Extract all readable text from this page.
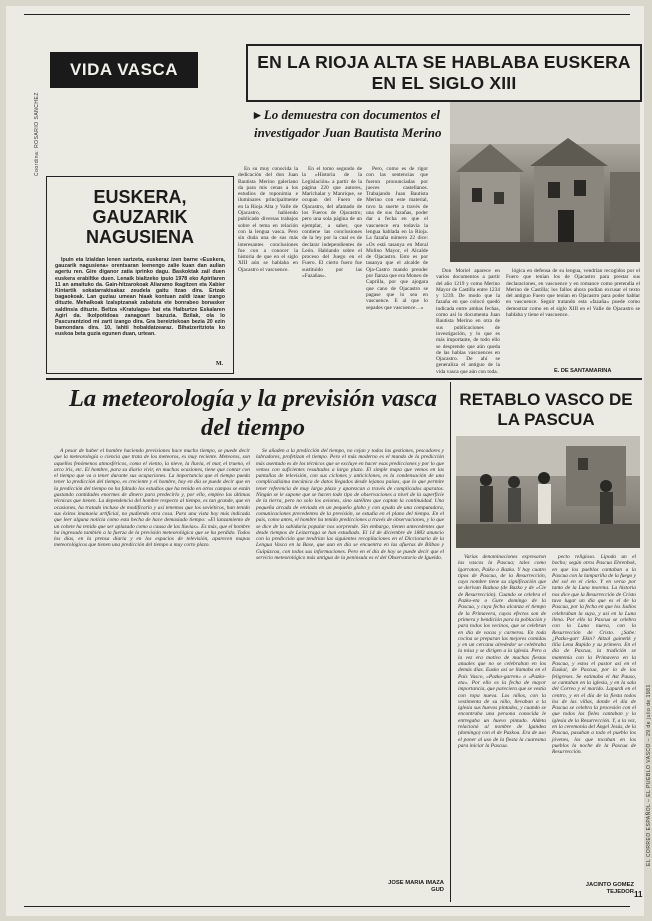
Coordina: ROSARIO SANCHEZ
EL CORREO ESPAÑOL – EL PUEBLO VASCO – 29 de julio de 1981
11
VIDA VASCA	EN LA RIOJA ALTA SE HABLABA EUSKERA EN EL SIGLO XIII
▸ Lo demuestra con documentos el investigador Juan Bautista Merino

En su muy conocida la dedicación del don Juan Bautista Merino galeriano da para mis cenas a los estudios de toponimia e iluminares principalmente en la Rioja Alta y Valle de Ojacastro, habiendo publicado diversas trabajos sobre el tema en relación con la lengua vasca. Pero sin duda una de sus más interesantes conclusiones fue con a conocer la historia de que en el siglo XIII aún se hablaba en Ojacastro el vascuence.

En el tomo segundo de la «Historia de la Legislación» a partir de la página 220 que autores, Marichalar y Manrique, se ocupan del Fuero de Ojacastro, del afamado de los Fueros de Ojacastro; pero una sola página de un ejemplar, a saber, que contiene las conclusiones de la ley por la cual es de declarar independientes de León. Hablando sobre el proceso del Juego en el Fuero. El cierto fuero fue sustituido por las «Fazañas».

Pero, como es de rigor con las sentencias que fueron pronunciadas por jueces castellanos. Trabajando Juan Bautista Merino con este material, tuvo la suerte a través de una de sus fazañas, poder dar a fecha en que el vascuence era todavía la lengua hablada en la Rioja. La fazaña número 22 dice: «Os está tasanya en Moral Molino Mayor, el Alcalde de Ojacastro. Esto es por tasanya que el alcalde de Oja-Castro mando prender por fianza que era Moneo de Caprilla, por que ajogara que cano de Ojacastro se pagase que lo sea en vascuence. E al que lo sepades que vascuence…»

Don Moriel aparece en varios documentos a partir del año 1219 y como Merino Mayor de Castilla entre 1234 y 1239. De modo que la fazaña en que colocó quedó indicada entre ambas fechas, como así lo documenta Juan Bautista Merino en otra de sus publicaciones de investigación, y lo que es más importante, de todo ello se desprende que aún queda de las hablas vascuences en Ojacastro. De ahí se generaliza el antiguo de la vida vasca que aún con toda.

lógica en defensa de su lengua, vendrían recogidos por el Fuero que tenían los de Ojacastro para prestar sus declaraciones, en vascuence y en romance como pretendía el Merino de Castilla; los fallos ahora podían excusar el texto del antiguo Fuero que tenían en Ojacastro para poder hablar en vascuence. Seguir tratando esta «fazaña» puede como demostrar como en el siglo XIII en el Valle de Ojacastro se hablaba y tiene el vascuence.

E. DE SANTAMARINA
EUSKERA, GAUZARIK NAGUSIENA

Ipuin eta lzialdan lenen sartzeta, euskeraz izen barne «Euskera, gauzarik nagusiena» orentsaran leenengo zalie kuan dan aulian agertu ren. Gire diganor zatia iprinko dagu. Baskoktak zail duen euskera erabiltke duen. Lenaik bialtzeko ipuio 1978 eko Apirilaren 11 an amaituko da. Gain-hitzarokoak Aliaramo ikagitzen eta Xabier Kintartik sokatarrakisakaz zeudela gaitu itzao dira. Ertzak bagaokoak. Lan guziau umean hiaak kontuan zaldi izaar izango dituzte. Mehalkoak Izalsptzanak zabatuta ete bonrabeo bonasker saldinsia dituzte. Beltza «Kratulaga» bat eta Haiburtze Eskalaren Agiri da. Ikolpotidoas zanagoart bazuzia. Bzilak, ola lo Pascurantziod mi zarti izango dira. Gra bereiztekoan bezia 20 ezin bamondara dira. 10, lahiti hobaldatzearaz. Bihatzeritziota ko euskoa beta guzia egunen duan, urtean.

M.
La meteorología y la previsión vasca del tiempo

A pesar de haber el hombre haciendo previsiones hace mucho tiempo, se puede decir que la meteorología o ciencia que trata de los meteoros, es muy reciente. Meteoros, son aquellos fenómenos atmosféricos, como el viento, la nieve, la lluvia, el mar, el trueno, el arco iris, etc. El hombre, para su diario vivir, en muchas ocasiones, tiene que contar con el tiempo que va a tener durante sus ocupaciones. La importancia que el tiempo pueda tener la predicción del tiempo, es creciente y el hombre, hoy en día se puede decir que en la predicción del tiempo no ha faltado los estudios que ha tenido en otros campos se están gastando cantidades enormes de dinero para predecirlo y, por ello, empleo las últimas técnicas que tienen. La dependencia del hombre respecto al tiempo, es tan grande, que en ocasiones, ha tratado incluso de modificarlo y así tenemos que los soviéticos, han tenido sus éxitos imanaeia artificial, no pudiendo otra cosa. Para una vista hoy más indicada que leer alguna noticia como esta hecha de hace demasiado tiempo: «El lanzamiento de un cohete ha tenido que ser aplazado como a causa de las lluvias». Es más, que el hombre ha ingresado también a la fuerza de la previsión meteorológica que se ha perdido. Todos los días, en la prensa diaria y en los espacios de televisión, aparecen mapas meteorológicos que tienen una predicción del tiempo a muy corto plazo.

Se añaden a la predicción del tiempo, no cejan y todos las gestiones, pescadores y labradores, profetizan el tiempo. Pero el más moderno es el mundo de la predicción más asentado es de los técnicos que se excluye en hacer esas predicciones y por lo que vemos con suficientes resultados a largo plazo. El simple mapa que vemos en las pantallas de televisión, con sus ciclones y anticiclones, es la condensación de una complicadísima mecánica de datos llegados desde lejanos países, que lo que permite tener referencia de muy largo plazo y aparezcan a través de complicados aparatos. Ningún se le supone que se hacen todo tipo de observaciones a nivel de la superficie de la tierra, pero no solo los aviones, sino satélites que captan la continuidad. Una pequeña arcada de enviada en un pequeño globo y con ayuda de una computadora, comunicaciones precedentes de la previsión, se estudia en el plano del tiempo. En el país, como antes, el hombre ha tenido predicciones a través de observaciones, y lo que se dice de la sabiduría popular nos sorprende. Sin embargo, tienen antecedentes que desde tiempos de Leizarraga se han estudiado. El 14 de diciembre de 1883 anuncio con la predicción que tendrían las siguientes recopilaciones en el Diccionario de la Lengua Vasca en la Base, que aun en día se encuentra en las afueras de Bilbao y Guipúzcoa, con todos sus informaciones. Pero en el día de hoy se puede decir que el servicio meteorológico más antiguo de la península es el del Observatorio de Igueldo.

JOSE MARIA IMAZA GUD
RETABLO VASCO DE LA PASCUA

Varias denominaciones expresaron las vascos la Pascua; tales como lgarraton, Paiko o Bazko. Y hay cuatro tipos de Pascua, de la Resurrección, cuyo nombre tiene su significación que se derivan Bazkoa (de Bazko y de «Cie de Resurrección). Cuando se celebra el Pazko-eta o Gure domingo de la Pascua, y cuya fecha alcanza el tiempo de la Primavera, cuyos efectos son de primera y bendición para la población y para todos los vecinos, que se celebran en día de vacas y carneros. En toda cocina se preparan las mejores comidas y en un cercana alrededor se celebraba la misa y se dirigen a la iglesia. Pero a la vez era motivo de muchas fiestas anuales que no se celebraban en los demás días. Eusko así se llamaba en el País Vasco, «Pazko-garren» o «Pazko-eta». Por ello es la fecha de mayor importancia, que pareciera que se vestía con ropa nueva. Los niños, con la vestimenta de su niño, llevaban a la iglesia sus huevos pintados, y cuando se encontraba una persona conocida le entregaba un huevo pintado. Aldeta relacionó al nombre de Igandea (domingo) con el de Pazkoa. Era de uso el poner al uso de la fiesta la cuaresma para iniciar la Pascua.

pecto religioso. Lipoda un el bocho; según otros Pascua Ehrenbok, en que los pueblos cantaban a la Pascua con la lamparilla de la fuego y del sol en el cielo. Y en verso por tanto de la Luna morena. La historia nos dice que la Resurrección de Cristo tuvo lugar un día que es el de la Pascua, por la fecha en que los Judíos celebraban la suya, y así en la Luna llena. Por ello la Pascua se celebra con la Luna nueva, con la Resurrección de Cristo. ¿Sabe: ¿Pazko-garr Ekin? Aitzal gainetik y lilia Lena Rapido y su primera. En el día de Pascua, la tradición se mantenía con la Primavera en la Pascua, y estos el pastor así en el Euskal, de Pascua, por lo de los feligreses. Se estimaba el Ast Pauso, se cantaban en la iglesia, y en la sala del Correo y el marido. Lapurdi en el centro, y en el día de la fiesta todos los de las villas, donde el día de Pascua se celebra la procesión con el que todos los fieles cantaban y la iglesia de la Resurrección. Y, a la vez, en la ceremonia del Ángel Jesús, de la Pascua, pasaban a todo el pueblo los jóvenes, los que tocaban en los pueblos la noche de la Pascua de Resurrección.

JACINTO GOMEZ TEJEDOR
